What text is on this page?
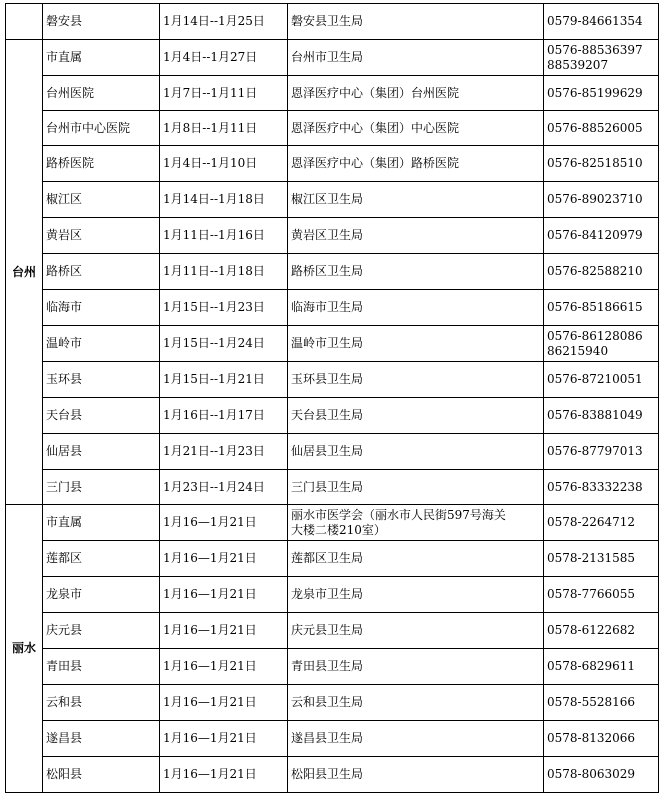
	磐安县	1月14日--1月25日	磐安县卫生局	0579-84661354
台州	市直属	1月4日--1月27日	台州市卫生局	0576-88536397
88539207

	台州医院	1月7日--1月11日	恩泽医疗中心（集团）台州医院	0576-85199629
	台州市中心医院	1月8日--1月11日	恩泽医疗中心（集团）中心医院	0576-88526005
	路桥医院	1月4日--1月10日	恩泽医疗中心（集团）路桥医院	0576-82518510
	椒江区	1月14日--1月18日	椒江区卫生局	0576-89023710
	黄岩区	1月11日--1月16日	黄岩区卫生局	0576-84120979
	路桥区	1月11日--1月18日	路桥区卫生局	0576-82588210
	临海市	1月15日--1月23日	临海市卫生局	0576-85186615
	温岭市	1月15日--1月24日	温岭市卫生局	0576-86128086
86215940

	玉环县	1月15日--1月21日	玉环县卫生局	0576-87210051
	天台县	1月16日--1月17日	天台县卫生局	0576-83881049
	仙居县	1月21日--1月23日	仙居县卫生局	0576-87797013
	三门县	1月23日--1月24日	三门县卫生局	0576-83332238
丽水	市直属	1月16—1月21日	丽水市医学会（丽水市人民街597号海关
大楼二楼210室）	0578-2264712
	莲都区	1月16—1月21日	莲都区卫生局	0578-2131585
	龙泉市	1月16—1月21日	龙泉市卫生局	0578-7766055
	庆元县	1月16—1月21日	庆元县卫生局	0578-6122682
	青田县	1月16—1月21日	青田县卫生局	0578-6829611
	云和县	1月16—1月21日	云和县卫生局	0578-5528166
	遂昌县	1月16—1月21日	遂昌县卫生局	0578-8132066
	松阳县	1月16—1月21日	松阳县卫生局	0578-8063029
